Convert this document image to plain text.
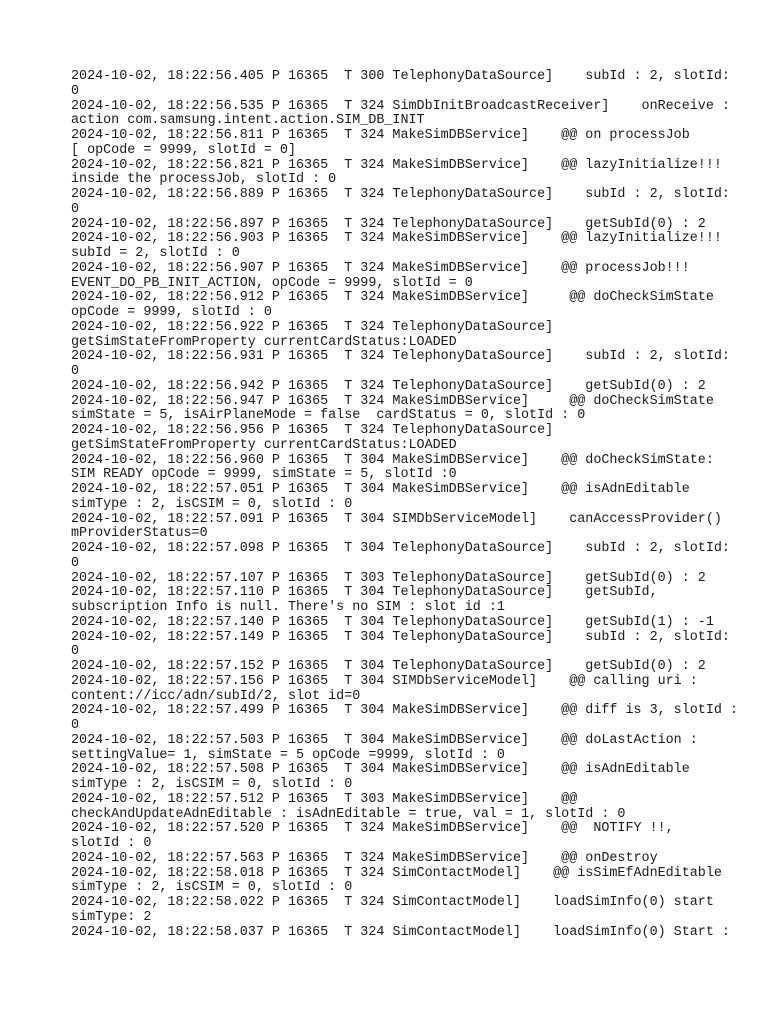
2024-10-02, 18:22:56.405 P 16365  T 300 TelephonyDataSource]    subId : 2, slotId:
0
2024-10-02, 18:22:56.535 P 16365  T 324 SimDbInitBroadcastReceiver]    onReceive :
action com.samsung.intent.action.SIM_DB_INIT
2024-10-02, 18:22:56.811 P 16365  T 324 MakeSimDBService]    @@ on processJob
[ opCode = 9999, slotId = 0]
2024-10-02, 18:22:56.821 P 16365  T 324 MakeSimDBService]    @@ lazyInitialize!!!
inside the processJob, slotId : 0
2024-10-02, 18:22:56.889 P 16365  T 324 TelephonyDataSource]    subId : 2, slotId:
0
2024-10-02, 18:22:56.897 P 16365  T 324 TelephonyDataSource]    getSubId(0) : 2
2024-10-02, 18:22:56.903 P 16365  T 324 MakeSimDBService]    @@ lazyInitialize!!!
subId = 2, slotId : 0
2024-10-02, 18:22:56.907 P 16365  T 324 MakeSimDBService]    @@ processJob!!!
EVENT_DO_PB_INIT_ACTION, opCode = 9999, slotId = 0
2024-10-02, 18:22:56.912 P 16365  T 324 MakeSimDBService]     @@ doCheckSimState
opCode = 9999, slotId : 0
2024-10-02, 18:22:56.922 P 16365  T 324 TelephonyDataSource]
getSimStateFromProperty currentCardStatus:LOADED
2024-10-02, 18:22:56.931 P 16365  T 324 TelephonyDataSource]    subId : 2, slotId:
0
2024-10-02, 18:22:56.942 P 16365  T 324 TelephonyDataSource]    getSubId(0) : 2
2024-10-02, 18:22:56.947 P 16365  T 324 MakeSimDBService]     @@ doCheckSimState
simState = 5, isAirPlaneMode = false  cardStatus = 0, slotId : 0
2024-10-02, 18:22:56.956 P 16365  T 324 TelephonyDataSource]
getSimStateFromProperty currentCardStatus:LOADED
2024-10-02, 18:22:56.960 P 16365  T 304 MakeSimDBService]    @@ doCheckSimState:
SIM READY opCode = 9999, simState = 5, slotId :0
2024-10-02, 18:22:57.051 P 16365  T 304 MakeSimDBService]    @@ isAdnEditable
simType : 2, isCSIM = 0, slotId : 0
2024-10-02, 18:22:57.091 P 16365  T 304 SIMDbServiceModel]    canAccessProvider()
mProviderStatus=0
2024-10-02, 18:22:57.098 P 16365  T 304 TelephonyDataSource]    subId : 2, slotId:
0
2024-10-02, 18:22:57.107 P 16365  T 303 TelephonyDataSource]    getSubId(0) : 2
2024-10-02, 18:22:57.110 P 16365  T 304 TelephonyDataSource]    getSubId,
subscription Info is null. There's no SIM : slot id :1
2024-10-02, 18:22:57.140 P 16365  T 304 TelephonyDataSource]    getSubId(1) : -1
2024-10-02, 18:22:57.149 P 16365  T 304 TelephonyDataSource]    subId : 2, slotId:
0
2024-10-02, 18:22:57.152 P 16365  T 304 TelephonyDataSource]    getSubId(0) : 2
2024-10-02, 18:22:57.156 P 16365  T 304 SIMDbServiceModel]    @@ calling uri :
content://icc/adn/subId/2, slot id=0
2024-10-02, 18:22:57.499 P 16365  T 304 MakeSimDBService]    @@ diff is 3, slotId :
0
2024-10-02, 18:22:57.503 P 16365  T 304 MakeSimDBService]    @@ doLastAction :
settingValue= 1, simState = 5 opCode =9999, slotId : 0
2024-10-02, 18:22:57.508 P 16365  T 304 MakeSimDBService]    @@ isAdnEditable
simType : 2, isCSIM = 0, slotId : 0
2024-10-02, 18:22:57.512 P 16365  T 303 MakeSimDBService]    @@
checkAndUpdateAdnEditable : isAdnEditable = true, val = 1, slotId : 0
2024-10-02, 18:22:57.520 P 16365  T 324 MakeSimDBService]    @@  NOTIFY !!,
slotId : 0
2024-10-02, 18:22:57.563 P 16365  T 324 MakeSimDBService]    @@ onDestroy
2024-10-02, 18:22:58.018 P 16365  T 324 SimContactModel]    @@ isSimEfAdnEditable
simType : 2, isCSIM = 0, slotId : 0
2024-10-02, 18:22:58.022 P 16365  T 324 SimContactModel]    loadSimInfo(0) start
simType: 2
2024-10-02, 18:22:58.037 P 16365  T 324 SimContactModel]    loadSimInfo(0) Start :
